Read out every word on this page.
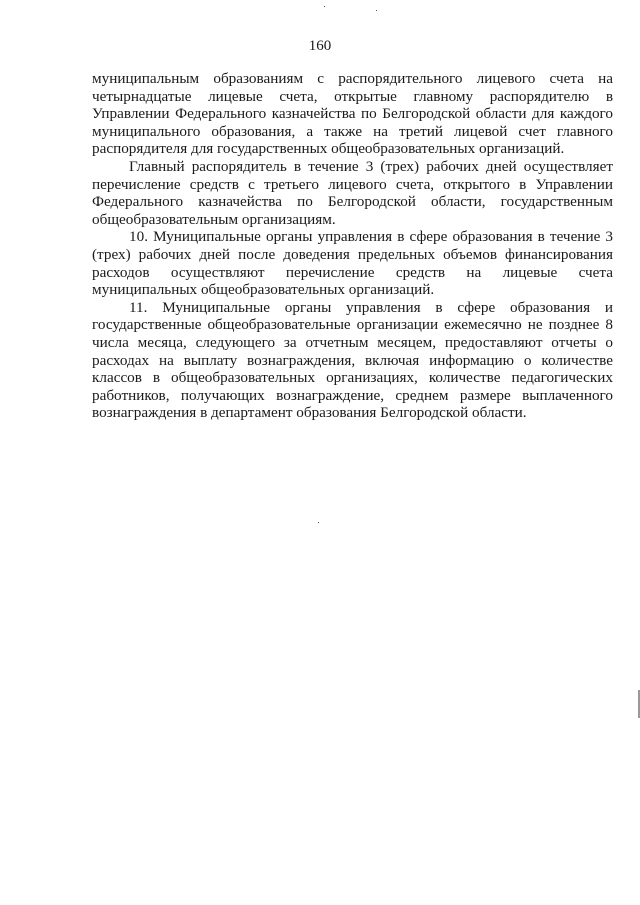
160

муниципальным образованиям с распорядительного лицевого счета на четырнадцатые лицевые счета, открытые главному распорядителю в Управлении Федерального казначейства по Белгородской области для каждого муниципального образования, а также на третий лицевой счет главного распорядителя для государственных общеобразовательных организаций.

Главный распорядитель в течение 3 (трех) рабочих дней осуществляет перечисление средств с третьего лицевого счета, открытого в Управлении Федерального казначейства по Белгородской области, государственным общеобразовательным организациям.

10. Муниципальные органы управления в сфере образования в течение 3 (трех) рабочих дней после доведения предельных объемов финансирования расходов осуществляют перечисление средств на лицевые счета муниципальных общеобразовательных организаций.

11. Муниципальные органы управления в сфере образования и государственные общеобразовательные организации ежемесячно не позднее 8 числа месяца, следующего за отчетным месяцем, предоставляют отчеты о расходах на выплату вознаграждения, включая информацию о количестве классов в общеобразовательных организациях, количестве педагогических работников, получающих вознаграждение, среднем размере выплаченного вознаграждения в департамент образования Белгородской области.
